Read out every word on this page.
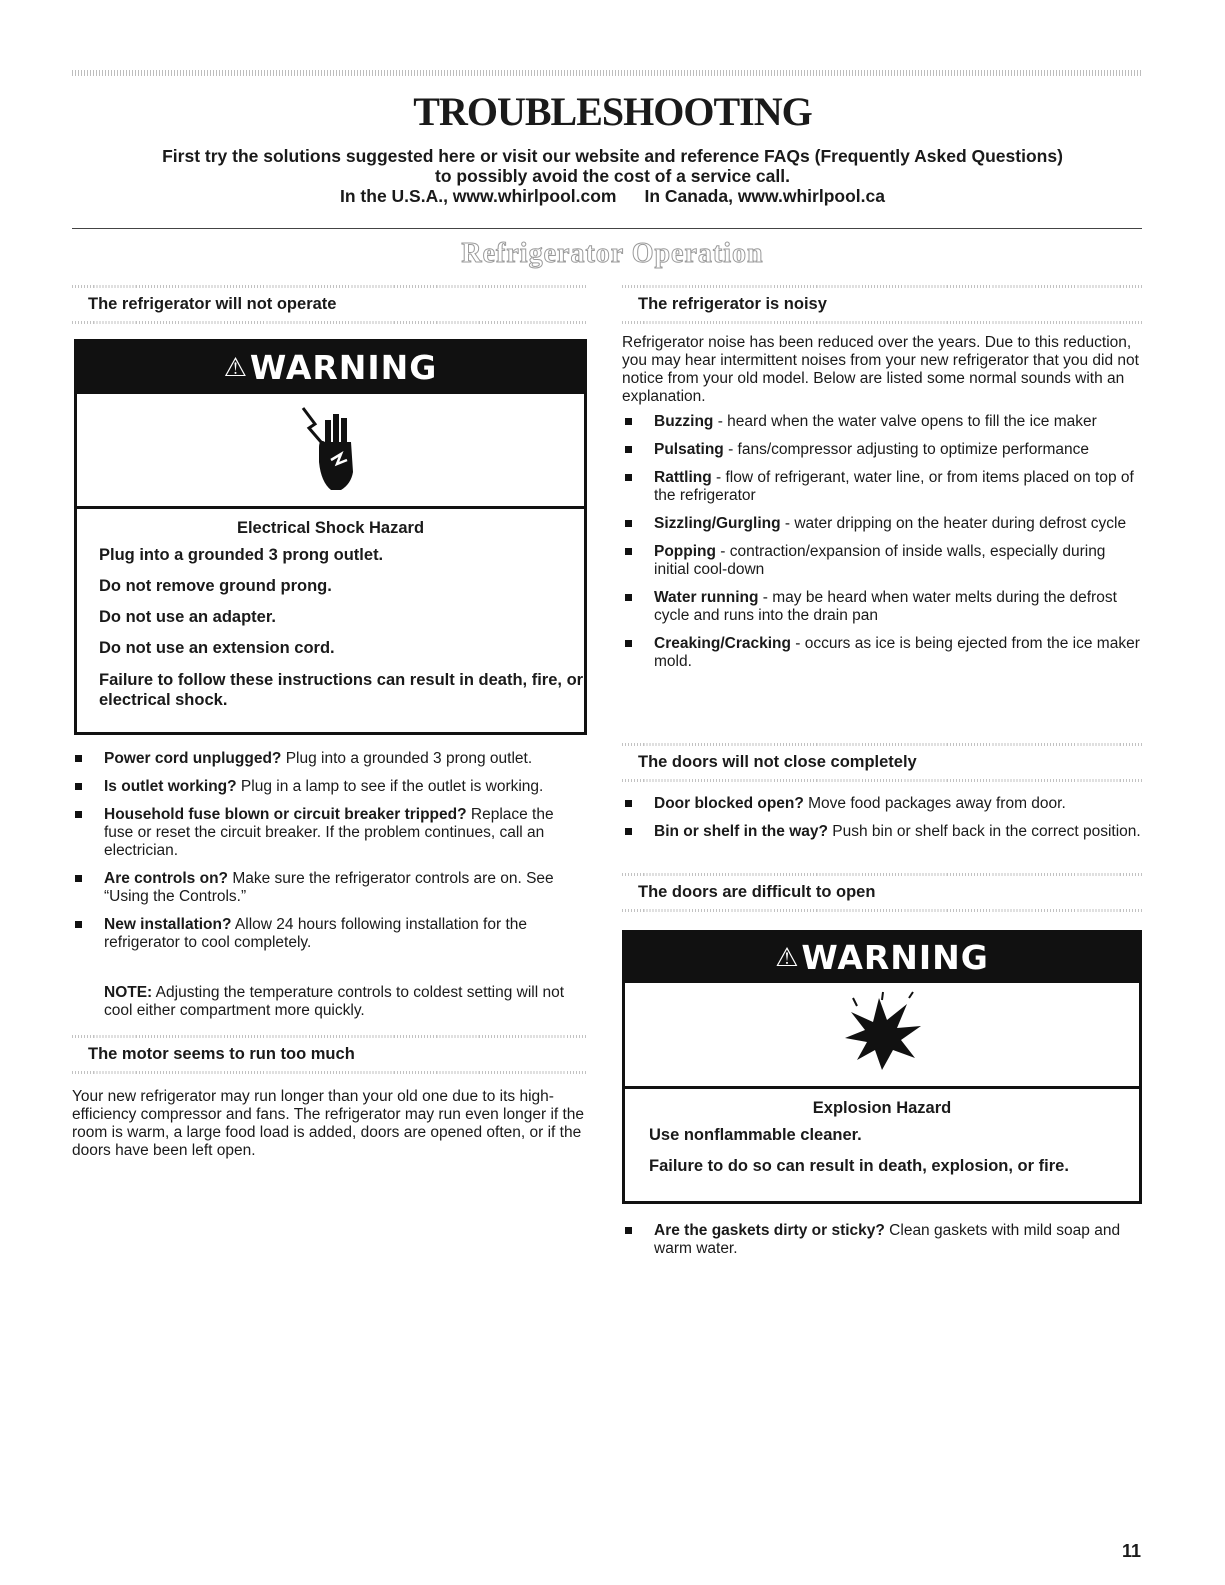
TROUBLESHOOTING

First try the solutions suggested here or visit our website and reference FAQs (Frequently Asked Questions)

to possibly avoid the cost of a service call.

In the U.S.A., www.whirlpool.com In Canada, www.whirlpool.ca

Refrigerator Operation
The refrigerator will not operate
⚠WARNING
Electrical Shock Hazard
Plug into a grounded 3 prong outlet.
Do not remove ground prong.
Do not use an adapter.
Do not use an extension cord.
Failure to follow these instructions can result in death, fire, or electrical shock.
Power cord unplugged? Plug into a grounded 3 prong outlet.
Is outlet working? Plug in a lamp to see if the outlet is working.
Household fuse blown or circuit breaker tripped? Replace the fuse or reset the circuit breaker. If the problem continues, call an electrician.
Are controls on? Make sure the refrigerator controls are on. See “Using the Controls.”
New installation? Allow 24 hours following installation for the refrigerator to cool completely.

NOTE: Adjusting the temperature controls to coldest setting will not cool either compartment more quickly.

The motor seems to run too much

Your new refrigerator may run longer than your old one due to its high-efficiency compressor and fans. The refrigerator may run even longer if the room is warm, a large food load is added, doors are opened often, or if the doors have been left open.

The refrigerator is noisy

Refrigerator noise has been reduced over the years. Due to this reduction, you may hear intermittent noises from your new refrigerator that you did not notice from your old model. Below are listed some normal sounds with an explanation.

Buzzing - heard when the water valve opens to fill the ice maker
Pulsating - fans/compressor adjusting to optimize performance
Rattling - flow of refrigerant, water line, or from items placed on top of the refrigerator
Sizzling/Gurgling - water dripping on the heater during defrost cycle
Popping - contraction/expansion of inside walls, especially during initial cool-down
Water running - may be heard when water melts during the defrost cycle and runs into the drain pan
Creaking/Cracking - occurs as ice is being ejected from the ice maker mold.
The doors will not close completely
Door blocked open? Move food packages away from door.
Bin or shelf in the way? Push bin or shelf back in the correct position.
The doors are difficult to open
⚠WARNING
Explosion Hazard
Use nonflammable cleaner.
Failure to do so can result in death, explosion, or fire.
Are the gaskets dirty or sticky? Clean gaskets with mild soap and warm water.
11
